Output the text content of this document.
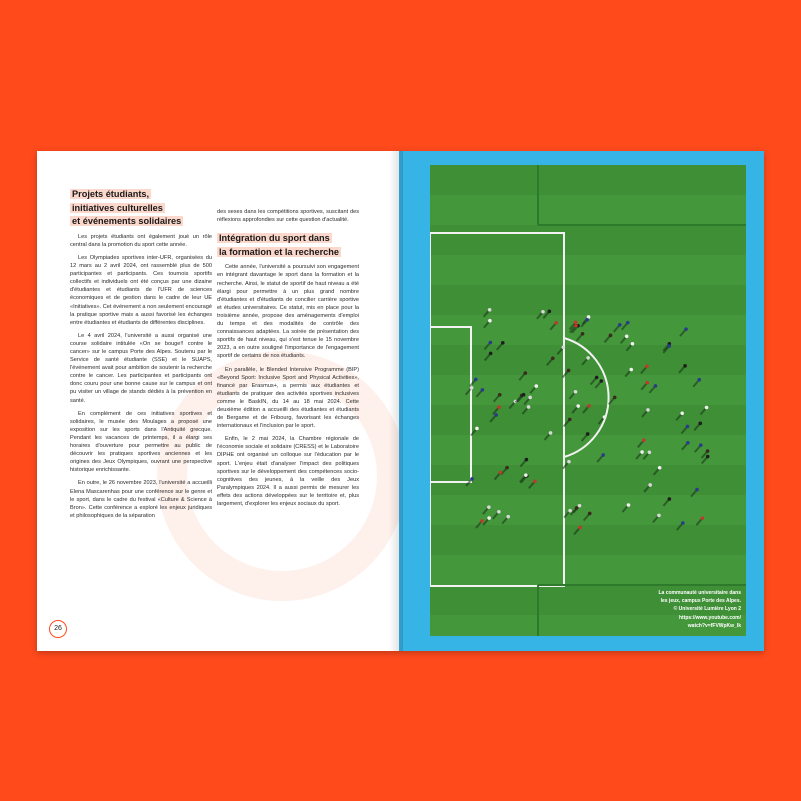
Projets étudiants,
initiatives culturelles
et événements solidaires

Les projets étudiants ont également joué un rôle central dans la promotion du sport cette année.

Les Olympiades sportives inter-UFR, organisées du 12 mars au 2 avril 2024, ont rassemblé plus de 500 participantes et participants. Ces tournois sportifs collectifs et individuels ont été conçus par une dizaine d'étudiantes et étudiants de l'UFR de sciences économiques et de gestion dans le cadre de leur UE «Initiatives». Cet événement a non seulement encouragé la pratique sportive mais a aussi favorisé les échanges entre étudiantes et étudiants de différentes disciplines.

Le 4 avril 2024, l'université a aussi organisé une course solidaire intitulée «On se bouge!! contre le cancer» sur le campus Porte des Alpes. Soutenu par le Service de santé étudiante (SSE) et le SUAPS, l'événement avait pour ambition de soutenir la recherche contre le cancer. Les participantes et participants ont donc couru pour une bonne cause sur le campus et ont pu visiter un village de stands dédiés à la prévention en santé.

En complément de ces initiatives sportives et solidaires, le musée des Moulages a proposé une exposition sur les sports dans l'Antiquité grecque. Pendant les vacances de printemps, il a élargi ses horaires d'ouverture pour permettre au public de découvrir les pratiques sportives anciennes et les origines des Jeux Olympiques, ouvrant une perspective historique enrichissante.

En outre, le 26 novembre 2023, l'université a accueilli Elena Mascarenhas pour une conférence sur le genre et le sport, dans le cadre du festival «Culture & Science à Bron». Cette conférence a exploré les enjeux juridiques et philosophiques de la séparation

des sexes dans les compétitions sportives, suscitant des réflexions approfondies sur cette question d'actualité.

Intégration du sport dans
la formation et la recherche

Cette année, l'université a poursuivi son engagement en intégrant davantage le sport dans la formation et la recherche. Ainsi, le statut de sportif de haut niveau a été élargi pour permettre à un plus grand nombre d'étudiantes et d'étudiants de concilier carrière sportive et études universitaires. Ce statut, mis en place pour la troisième année, propose des aménagements d'emploi du temps et des modalités de contrôle des connaissances adaptées. La soirée de présentation des sportifs de haut niveau, qui s'est tenue le 15 novembre 2023, a en outre souligné l'importance de l'engagement sportif de certains de nos étudiants.

En parallèle, le Blended Intensive Programme (BIP) «Beyond Sport: Inclusive Sport and Physical Activities», financé par Erasmus+, a permis aux étudiantes et étudiants de pratiquer des activités sportives inclusives comme le BaskIN, du 14 au 18 mai 2024. Cette deuxième édition a accueilli des étudiantes et étudiants de Bergame et de Fribourg, favorisant les échanges internationaux et l'inclusion par le sport.

Enfin, le 2 mai 2024, la Chambre régionale de l'économie sociale et solidaire (CRESS) et le Laboratoire DIPHE ont organisé un colloque sur l'éducation par le sport. L'enjeu était d'analyser l'impact des politiques sportives sur le développement des compétences socio-cognitives des jeunes, à la veille des Jeux Paralympiques 2024. Il a aussi permis de mesurer les effets des actions développées sur le territoire et, plus largement, d'explorer les enjeux sociaux du sport.

26
La communauté universitaire dans
les jeux, campus Porte des Alpes.
© Université Lumière Lyon 2
https://www.youtube.com/
watch?v=fFVWpKw_Ik
